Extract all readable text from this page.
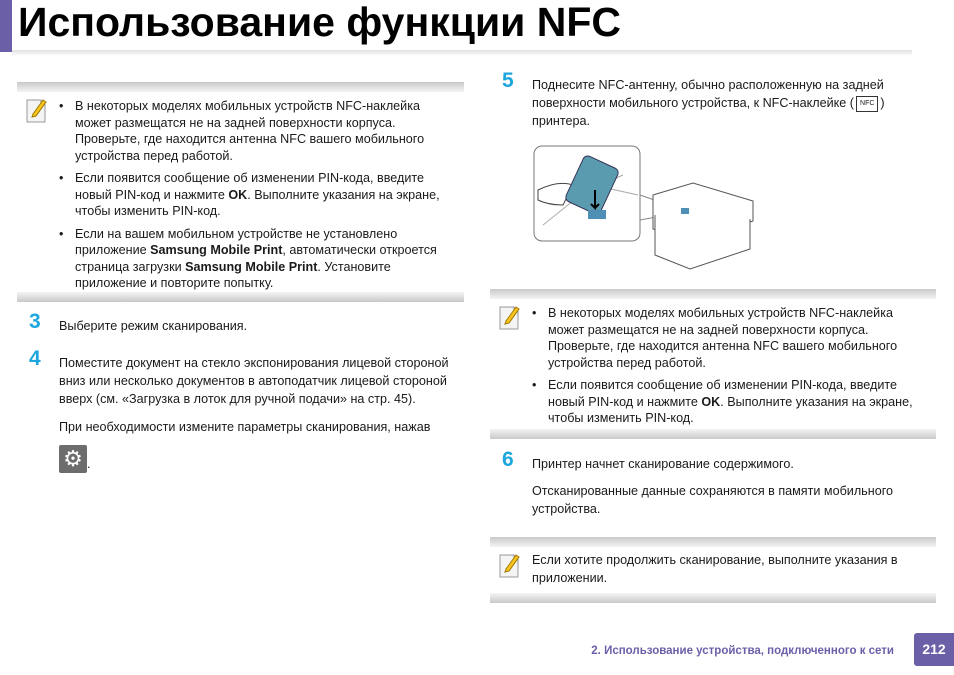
Использование функции NFC
• В некоторых моделях мобильных устройств NFC-наклейка может размещатся не на задней поверхности корпуса. Проверьте, где находится антенна NFC вашего мобильного устройства перед работой.
• Если появится сообщение об изменении PIN-кода, введите новый PIN-код и нажмите OK. Выполните указания на экране, чтобы изменить PIN-код.
• Если на вашем мобильном устройстве не установлено приложение Samsung Mobile Print, автоматически откроется страница загрузки Samsung Mobile Print. Установите приложение и повторите попытку.
3 Выберите режим сканирования.

4 Поместите документ на стекло экспонирования лицевой стороной вниз или несколько документов в автоподатчик лицевой стороной вверх (см. «Загрузка в лоток для ручной подачи» на стр. 45).

При необходимости измените параметры сканирования, нажав

⚙ .
5 Поднесите NFC-антенну, обычно расположенную на задней поверхности мобильного устройства, к NFC-наклейке ( NFC ) принтера.

• В некоторых моделях мобильных устройств NFC-наклейка может размещатся не на задней поверхности корпуса. Проверьте, где находится антенна NFC вашего мобильного устройства перед работой.
• Если появится сообщение об изменении PIN-кода, введите новый PIN-код и нажмите OK. Выполните указания на экране, чтобы изменить PIN-код.
6 Принтер начнет сканирование содержимого.

Отсканированные данные сохраняются в памяти мобильного устройства.

Если хотите продолжить сканирование, выполните указания в приложении.

2. Использование устройства, подключенного к сети	212
